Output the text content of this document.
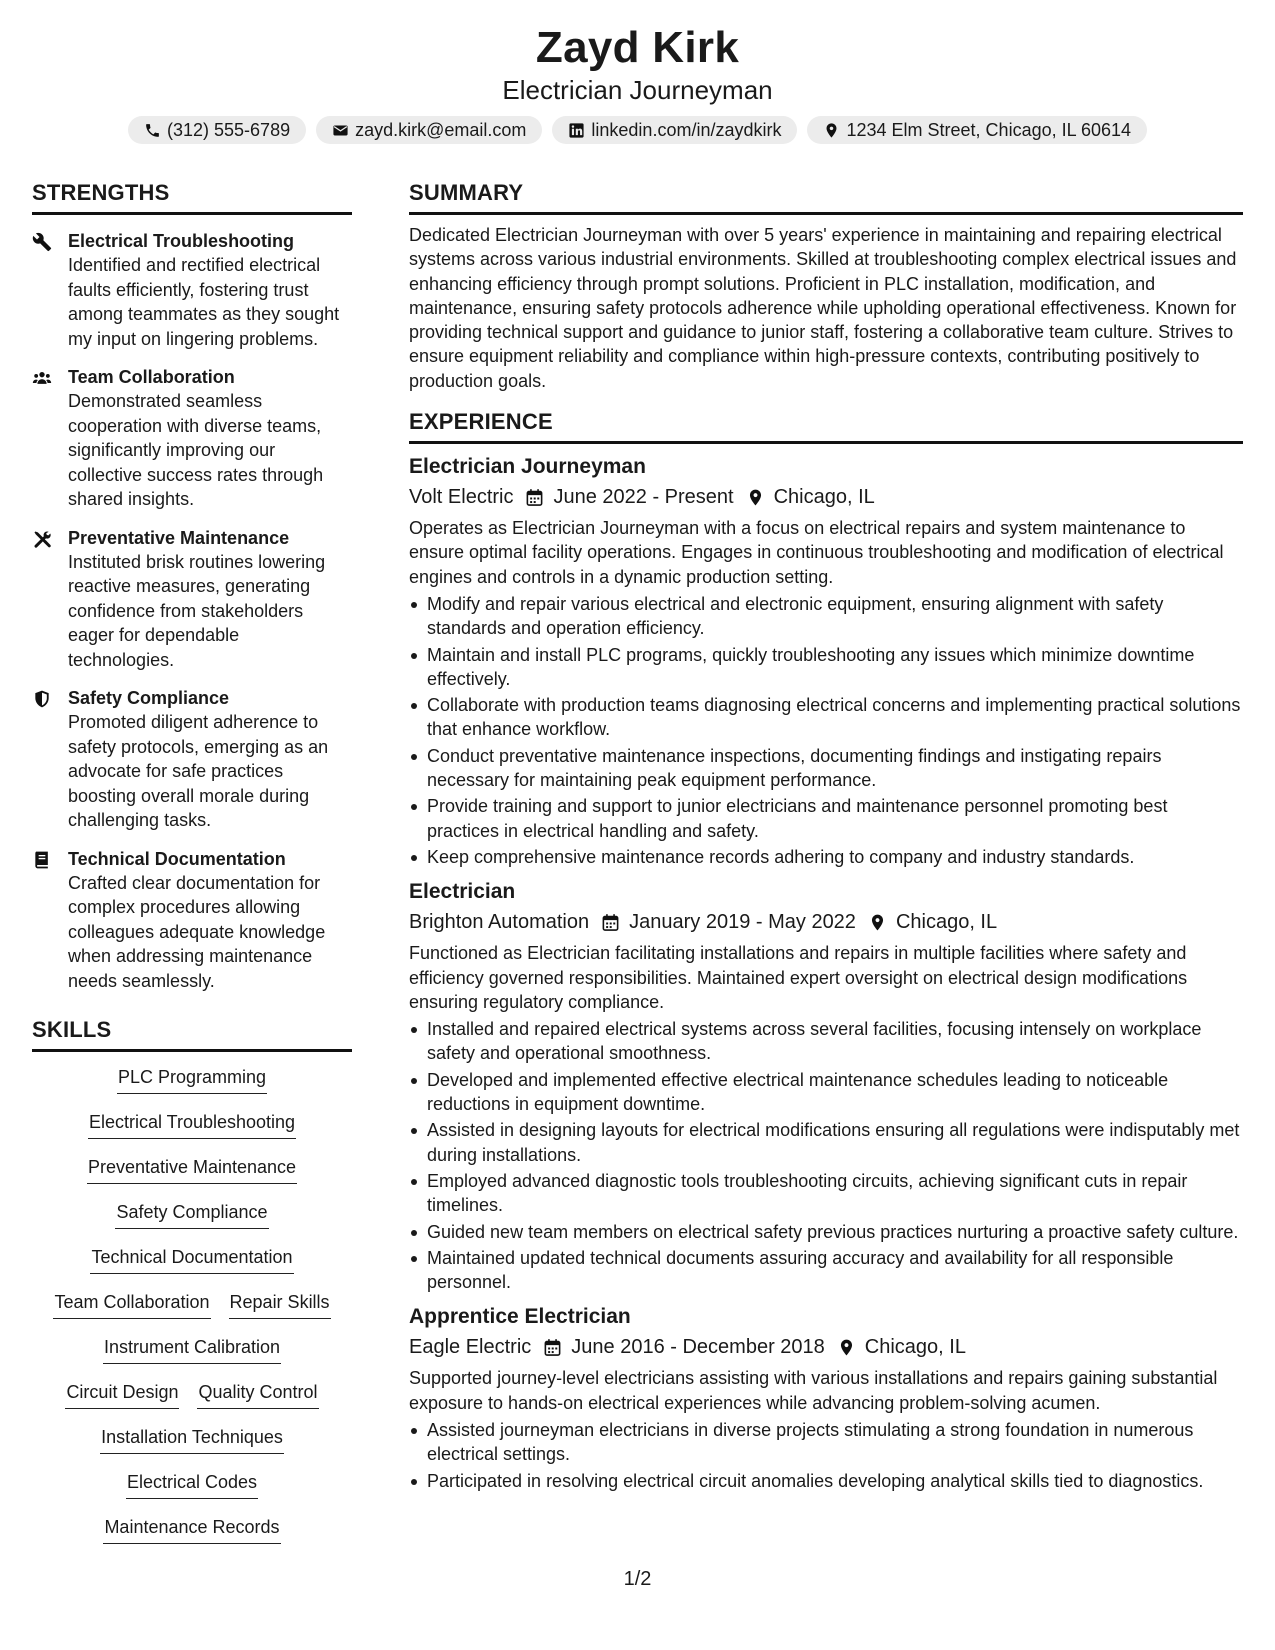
Zayd Kirk
Electrician Journeyman
(312) 555-6789	zayd.kirk@email.com	linkedin.com/in/zaydkirk	1234 Elm Street, Chicago, IL 60614
STRENGTHS
Electrical Troubleshooting
Identified and rectified electrical faults efficiently, fostering trust among teammates as they sought my input on lingering problems.
Team Collaboration
Demonstrated seamless cooperation with diverse teams, significantly improving our collective success rates through shared insights.
Preventative Maintenance
Instituted brisk routines lowering reactive measures, generating confidence from stakeholders eager for dependable technologies.
Safety Compliance
Promoted diligent adherence to safety protocols, emerging as an advocate for safe practices boosting overall morale during challenging tasks.
Technical Documentation
Crafted clear documentation for complex procedures allowing colleagues adequate knowledge when addressing maintenance needs seamlessly.
SKILLS
PLC Programming
Electrical Troubleshooting
Preventative Maintenance
Safety Compliance
Technical Documentation
Team Collaboration Repair Skills
Instrument Calibration
Circuit Design Quality Control
Installation Techniques
Electrical Codes
Maintenance Records
SUMMARY
Dedicated Electrician Journeyman with over 5 years' experience in maintaining and repairing electrical systems across various industrial environments. Skilled at troubleshooting complex electrical issues and enhancing efficiency through prompt solutions. Proficient in PLC installation, modification, and maintenance, ensuring safety protocols adherence while upholding operational effectiveness. Known for providing technical support and guidance to junior staff, fostering a collaborative team culture. Strives to ensure equipment reliability and compliance within high-pressure contexts, contributing positively to production goals.
EXPERIENCE
Electrician Journeyman
Volt Electric June 2022 - Present Chicago, IL
Operates as Electrician Journeyman with a focus on electrical repairs and system maintenance to ensure optimal facility operations. Engages in continuous troubleshooting and modification of electrical engines and controls in a dynamic production setting.
Modify and repair various electrical and electronic equipment, ensuring alignment with safety standards and operation efficiency.
Maintain and install PLC programs, quickly troubleshooting any issues which minimize downtime effectively.
Collaborate with production teams diagnosing electrical concerns and implementing practical solutions that enhance workflow.
Conduct preventative maintenance inspections, documenting findings and instigating repairs necessary for maintaining peak equipment performance.
Provide training and support to junior electricians and maintenance personnel promoting best practices in electrical handling and safety.
Keep comprehensive maintenance records adhering to company and industry standards.
Electrician
Brighton Automation January 2019 - May 2022 Chicago, IL
Functioned as Electrician facilitating installations and repairs in multiple facilities where safety and efficiency governed responsibilities. Maintained expert oversight on electrical design modifications ensuring regulatory compliance.
Installed and repaired electrical systems across several facilities, focusing intensely on workplace safety and operational smoothness.
Developed and implemented effective electrical maintenance schedules leading to noticeable reductions in equipment downtime.
Assisted in designing layouts for electrical modifications ensuring all regulations were indisputably met during installations.
Employed advanced diagnostic tools troubleshooting circuits, achieving significant cuts in repair timelines.
Guided new team members on electrical safety previous practices nurturing a proactive safety culture.
Maintained updated technical documents assuring accuracy and availability for all responsible personnel.
Apprentice Electrician
Eagle Electric June 2016 - December 2018 Chicago, IL
Supported journey-level electricians assisting with various installations and repairs gaining substantial exposure to hands-on electrical experiences while advancing problem-solving acumen.
Assisted journeyman electricians in diverse projects stimulating a strong foundation in numerous electrical settings.
Participated in resolving electrical circuit anomalies developing analytical skills tied to diagnostics.
1/2
